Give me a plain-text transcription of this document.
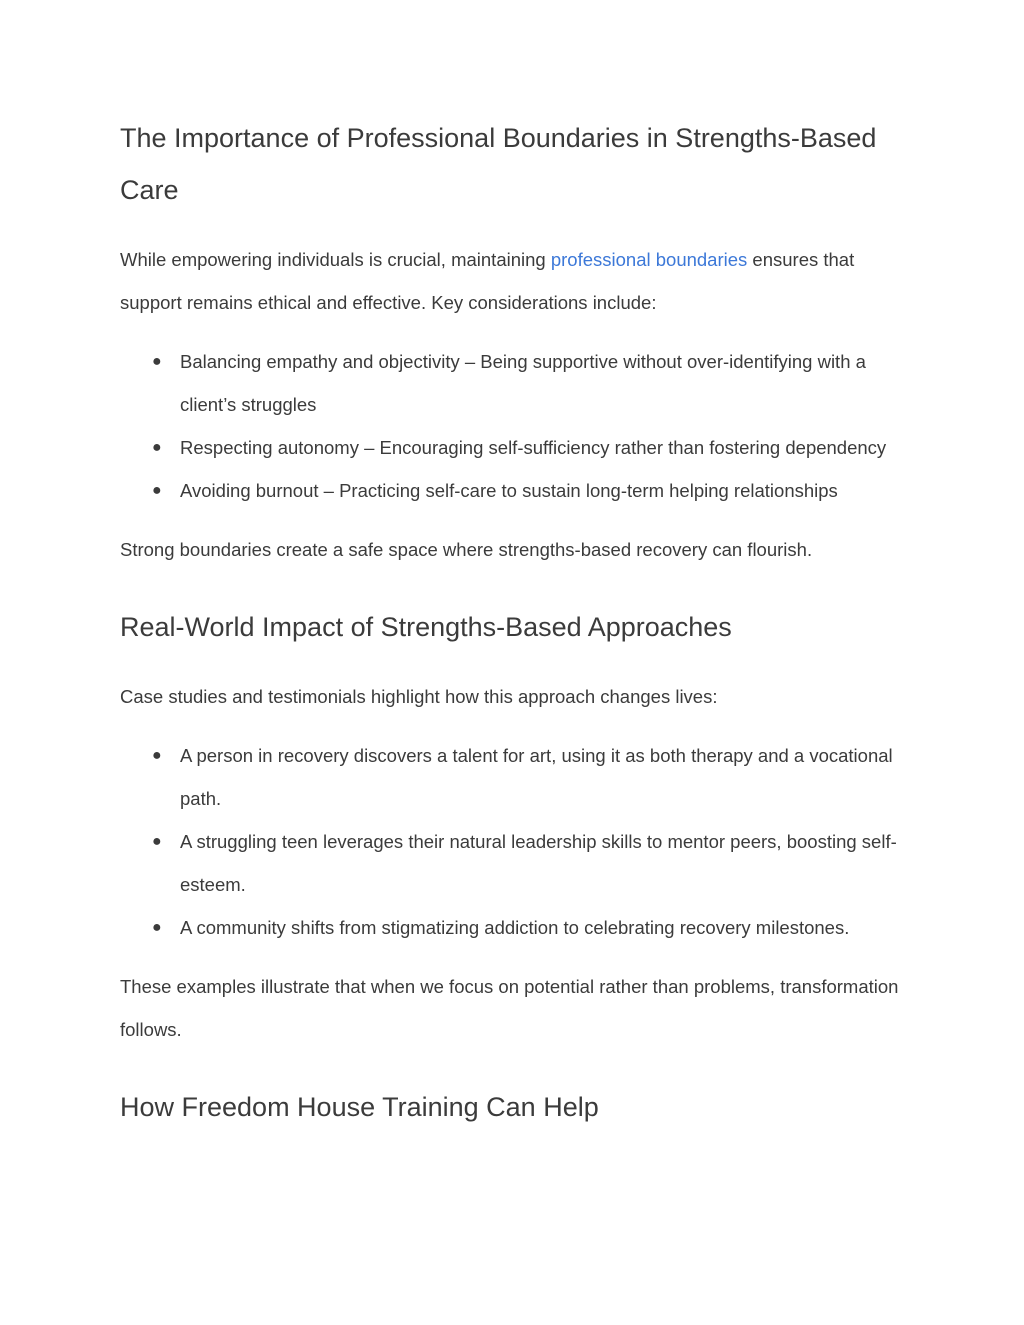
The Importance of Professional Boundaries in Strengths-Based Care

While empowering individuals is crucial, maintaining professional boundaries ensures that support remains ethical and effective. Key considerations include:

● Balancing empathy and objectivity – Being supportive without over-identifying with a client’s struggles
● Respecting autonomy – Encouraging self-sufficiency rather than fostering dependency
● Avoiding burnout – Practicing self-care to sustain long-term helping relationships

Strong boundaries create a safe space where strengths-based recovery can flourish.

Real-World Impact of Strengths-Based Approaches

Case studies and testimonials highlight how this approach changes lives:

● A person in recovery discovers a talent for art, using it as both therapy and a vocational path.
● A struggling teen leverages their natural leadership skills to mentor peers, boosting self-esteem.
● A community shifts from stigmatizing addiction to celebrating recovery milestones.

These examples illustrate that when we focus on potential rather than problems, transformation follows.

How Freedom House Training Can Help
